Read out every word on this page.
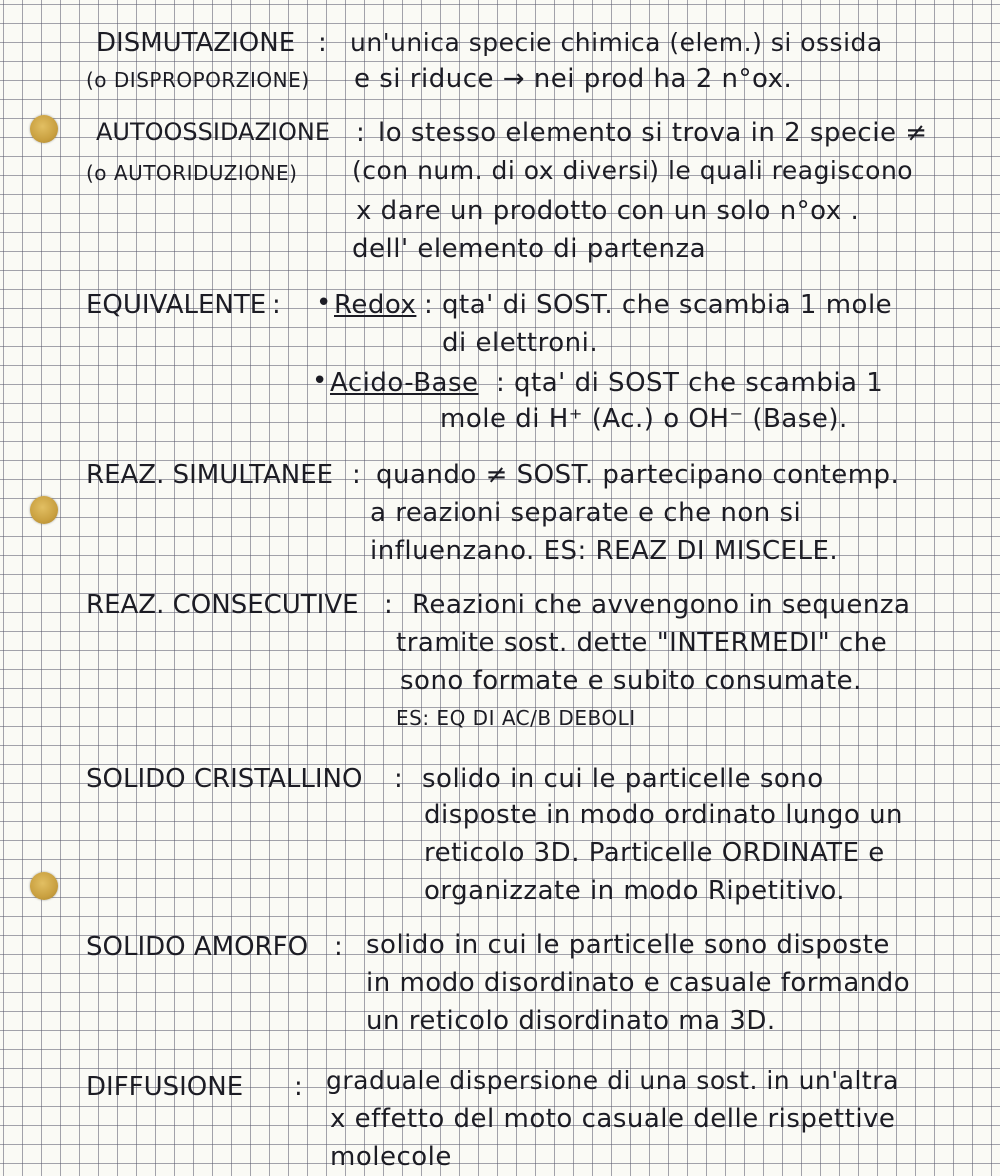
DISMUTAZIONE : un'unica specie chimica (elem.) si ossida
(o DISPROPORZIONE) e si riduce → nei prod ha 2 n°ox.
AUTOOSSIDAZIONE : lo stesso elemento si trova in 2 specie ≠
(o AUTORIDUZIONE) (con num. di ox diversi) le quali reagiscono
x dare un prodotto con un solo n°ox .
dell' elemento di partenza
EQUIVALENTE : • Redox : qta' di SOST. che scambia 1 mole
di elettroni.
• Acido-Base : qta' di SOST che scambia 1
mole di H⁺ (Ac.) o OH⁻ (Base).
REAZ. SIMULTANEE : quando ≠ SOST. partecipano contemp.
a reazioni separate e che non si
influenzano. ES: REAZ DI MISCELE.
REAZ. CONSECUTIVE : Reazioni che avvengono in sequenza
tramite sost. dette "INTERMEDI" che
sono formate e subito consumate.
ES: EQ DI AC/B DEBOLI
SOLIDO CRISTALLINO : solido in cui le particelle sono
disposte in modo ordinato lungo un
reticolo 3D. Particelle ORDINATE e
organizzate in modo Ripetitivo.
SOLIDO AMORFO : solido in cui le particelle sono disposte
in modo disordinato e casuale formando
un reticolo disordinato ma 3D.
DIFFUSIONE : graduale dispersione di una sost. in un'altra
x effetto del moto casuale delle rispettive
molecole
